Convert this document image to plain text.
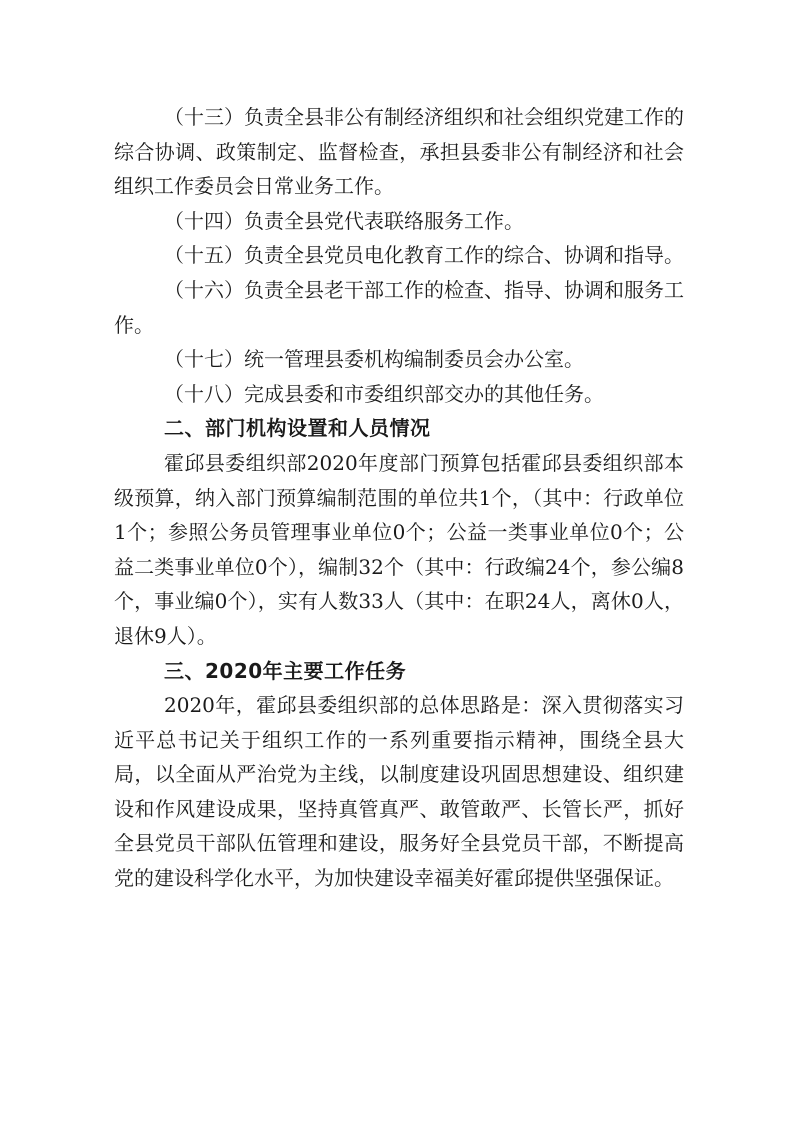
（十三）负责全县非公有制经济组织和社会组织党建工作的综合协调、政策制定、监督检查，承担县委非公有制经济和社会组织工作委员会日常业务工作。

（十四）负责全县党代表联络服务工作。

（十五）负责全县党员电化教育工作的综合、协调和指导。

（十六）负责全县老干部工作的检查、指导、协调和服务工作。

（十七）统一管理县委机构编制委员会办公室。

（十八）完成县委和市委组织部交办的其他任务。

二、部门机构设置和人员情况

霍邱县委组织部2020年度部门预算包括霍邱县委组织部本级预算，纳入部门预算编制范围的单位共1个，（其中：行政单位1个；参照公务员管理事业单位0个；公益一类事业单位0个；公益二类事业单位0个），编制32个（其中：行政编24个，参公编8个，事业编0个），实有人数33人（其中：在职24人，离休0人，退休9人）。

三、2020年主要工作任务

2020年，霍邱县委组织部的总体思路是：深入贯彻落实习近平总书记关于组织工作的一系列重要指示精神，围绕全县大局，以全面从严治党为主线，以制度建设巩固思想建设、组织建设和作风建设成果，坚持真管真严、敢管敢严、长管长严，抓好全县党员干部队伍管理和建设，服务好全县党员干部，不断提高党的建设科学化水平，为加快建设幸福美好霍邱提供坚强保证。
